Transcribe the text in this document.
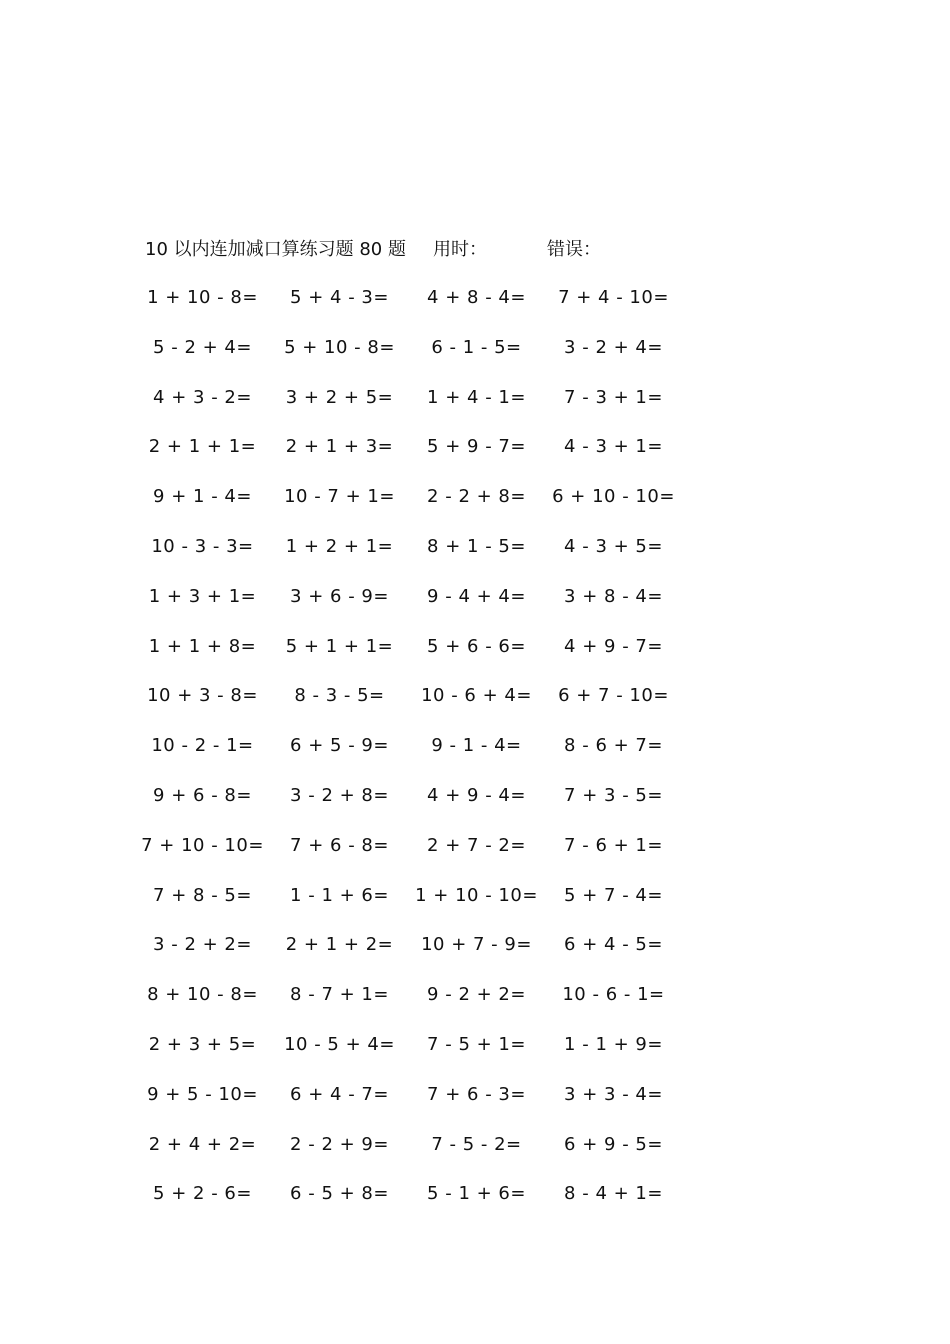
10 以内连加减口算练习题 80 题 用时：	错误：
1 + 10 - 8=	5 + 4 - 3=	4 + 8 - 4=	7 + 4 - 10=
5 - 2 + 4=	5 + 10 - 8=	6 - 1 - 5=	3 - 2 + 4=
4 + 3 - 2=	3 + 2 + 5=	1 + 4 - 1=	7 - 3 + 1=
2 + 1 + 1=	2 + 1 + 3=	5 + 9 - 7=	4 - 3 + 1=
9 + 1 - 4=	10 - 7 + 1=	2 - 2 + 8=	6 + 10 - 10=
10 - 3 - 3=	1 + 2 + 1=	8 + 1 - 5=	4 - 3 + 5=
1 + 3 + 1=	3 + 6 - 9=	9 - 4 + 4=	3 + 8 - 4=
1 + 1 + 8=	5 + 1 + 1=	5 + 6 - 6=	4 + 9 - 7=
10 + 3 - 8=	8 - 3 - 5=	10 - 6 + 4=	6 + 7 - 10=
10 - 2 - 1=	6 + 5 - 9=	9 - 1 - 4=	8 - 6 + 7=
9 + 6 - 8=	3 - 2 + 8=	4 + 9 - 4=	7 + 3 - 5=
7 + 10 - 10=	7 + 6 - 8=	2 + 7 - 2=	7 - 6 + 1=
7 + 8 - 5=	1 - 1 + 6=	1 + 10 - 10=	5 + 7 - 4=
3 - 2 + 2=	2 + 1 + 2=	10 + 7 - 9=	6 + 4 - 5=
8 + 10 - 8=	8 - 7 + 1=	9 - 2 + 2=	10 - 6 - 1=
2 + 3 + 5=	10 - 5 + 4=	7 - 5 + 1=	1 - 1 + 9=
9 + 5 - 10=	6 + 4 - 7=	7 + 6 - 3=	3 + 3 - 4=
2 + 4 + 2=	2 - 2 + 9=	7 - 5 - 2=	6 + 9 - 5=
5 + 2 - 6=	6 - 5 + 8=	5 - 1 + 6=	8 - 4 + 1=
